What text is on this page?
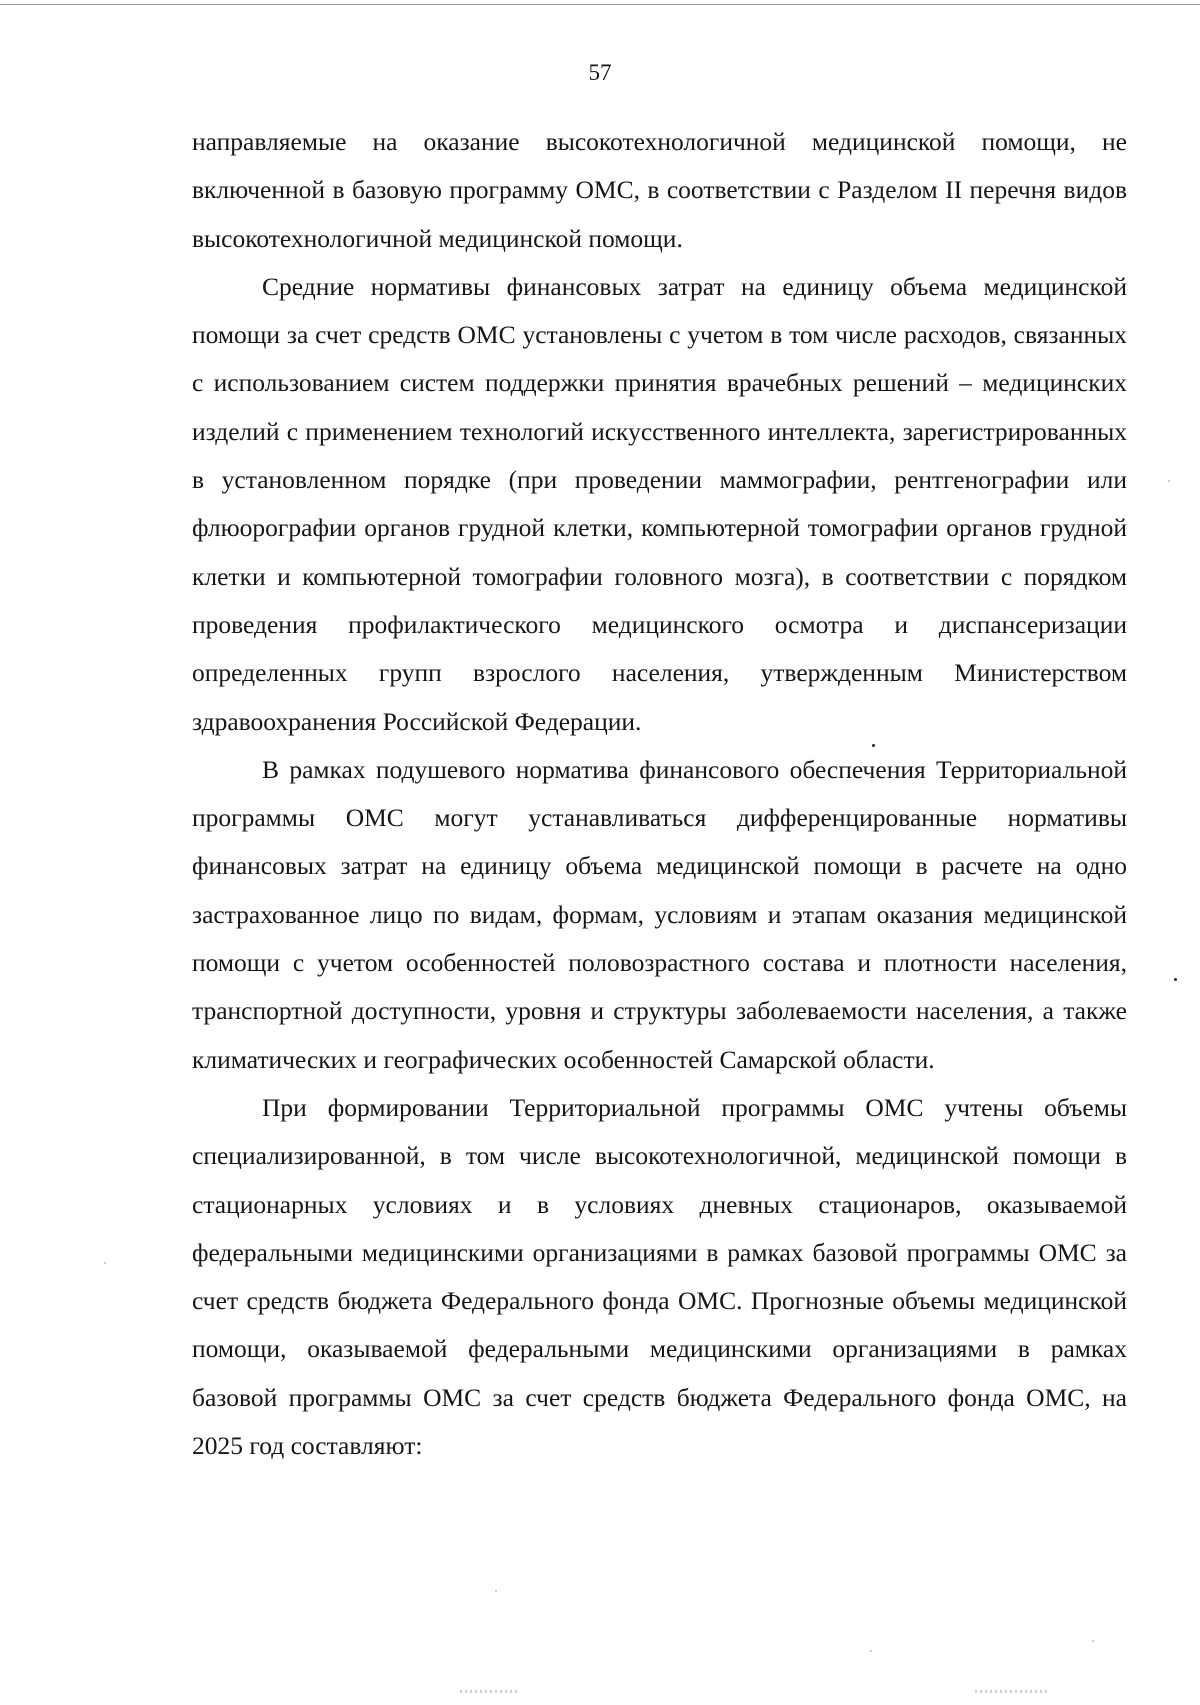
57

направляемые на оказание высокотехнологичной медицинской помощи, не включенной в базовую программу ОМС, в соответствии с Разделом II перечня видов высокотехнологичной медицинской помощи.

Средние нормативы финансовых затрат на единицу объема медицинской помощи за счет средств ОМС установлены с учетом в том числе расходов, связанных с использованием систем поддержки принятия врачебных решений – медицинских изделий с применением технологий искусственного интеллекта, зарегистрированных в установленном порядке (при проведении маммографии, рентгенографии или флюорографии органов грудной клетки, компьютерной томографии органов грудной клетки и компьютерной томографии головного мозга), в соответствии с порядком проведения профилактического медицинского осмотра и диспансеризации определенных групп взрослого населения, утвержденным Министерством здравоохранения Российской Федерации.

В рамках подушевого норматива финансового обеспечения Территориальной программы ОМС могут устанавливаться дифференцированные нормативы финансовых затрат на единицу объема медицинской помощи в расчете на одно застрахованное лицо по видам, формам, условиям и этапам оказания медицинской помощи с учетом особенностей половозрастного состава и плотности населения, транспортной доступности, уровня и структуры заболеваемости населения, а также климатических и географических особенностей Самарской области.

При формировании Территориальной программы ОМС учтены объемы специализированной, в том числе высокотехнологичной, медицинской помощи в стационарных условиях и в условиях дневных стационаров, оказываемой федеральными медицинскими организациями в рамках базовой программы ОМС за счет средств бюджета Федерального фонда ОМС. Прогнозные объемы медицинской помощи, оказываемой федеральными медицинскими организациями в рамках базовой программы ОМС за счет средств бюджета Федерального фонда ОМС, на 2025 год составляют:
